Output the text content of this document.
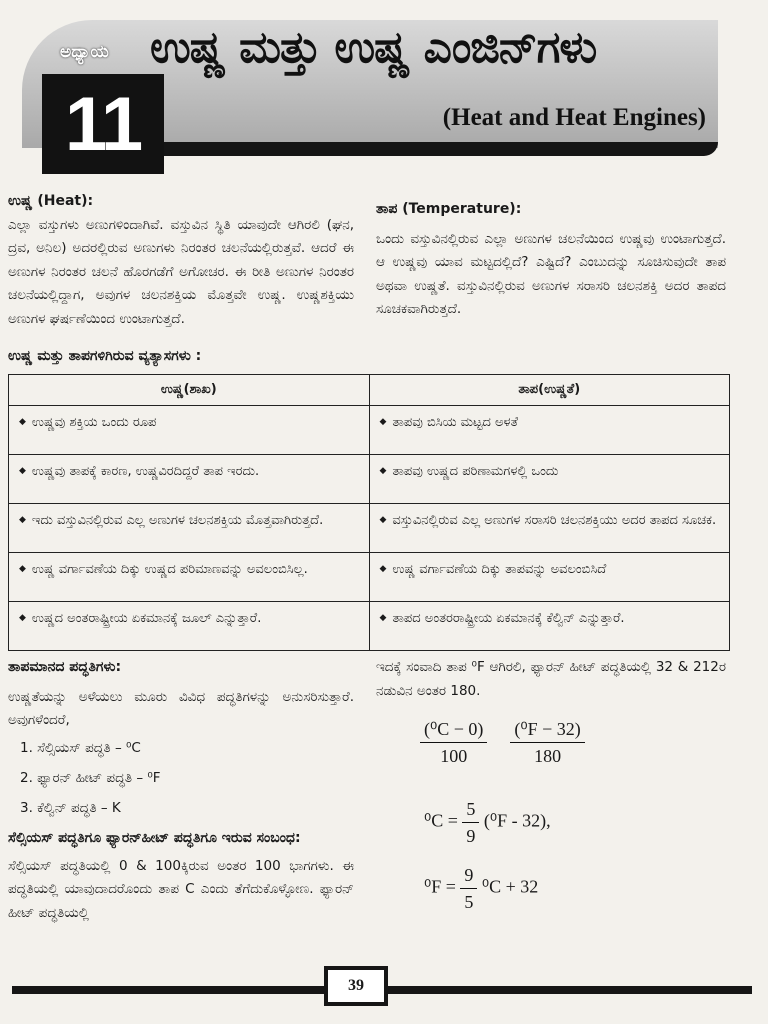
ಅಧ್ಯಾಯ
11
ಉಷ್ಣ ಮತ್ತು ಉಷ್ಣ ಎಂಜಿನ್‌ಗಳು
(Heat and Heat Engines)
ಉಷ್ಣ (Heat):
ಎಲ್ಲಾ ವಸ್ತುಗಳು ಅಣುಗಳಿಂದಾಗಿವೆ. ವಸ್ತುವಿನ ಸ್ಥಿತಿ ಯಾವುದೇ ಆಗಿರಲಿ (ಘನ, ದ್ರವ, ಅನಿಲ) ಅದರಲ್ಲಿರುವ ಅಣುಗಳು ನಿರಂತರ ಚಲನೆಯಲ್ಲಿರುತ್ತವೆ. ಆದರೆ ಈ ಅಣುಗಳ ನಿರಂತರ ಚಲನೆ ಹೊರಗಡೆಗೆ ಅಗೋಚರ. ಈ ರೀತಿ ಅಣುಗಳ ನಿರಂತರ ಚಲನೆಯಲ್ಲಿದ್ದಾಗ, ಅವುಗಳ ಚಲನಶಕ್ತಿಯ ಮೊತ್ತವೇ ಉಷ್ಣ. ಉಷ್ಣಶಕ್ತಿಯು ಅಣುಗಳ ಘರ್ಷಣೆಯಿಂದ ಉಂಟಾಗುತ್ತದೆ.
ತಾಪ (Temperature):
ಒಂದು ವಸ್ತುವಿನಲ್ಲಿರುವ ಎಲ್ಲಾ ಅಣುಗಳ ಚಲನೆಯಿಂದ ಉಷ್ಣವು ಉಂಟಾಗುತ್ತದೆ. ಆ ಉಷ್ಣವು ಯಾವ ಮಟ್ಟದಲ್ಲಿದೆ? ಎಷ್ಟಿದೆ? ಎಂಬುದನ್ನು ಸೂಚಿಸುವುದೇ ತಾಪ ಅಥವಾ ಉಷ್ಣತೆ. ವಸ್ತುವಿನಲ್ಲಿರುವ ಅಣುಗಳ ಸರಾಸರಿ ಚಲನಶಕ್ತಿ ಅದರ ತಾಪದ ಸೂಚಕವಾಗಿರುತ್ತದೆ.
ಉಷ್ಣ ಮತ್ತು ತಾಪಗಳಿಗಿರುವ ವ್ಯತ್ಯಾಸಗಳು :
ಉಷ್ಣ(ಶಾಖ)	ತಾಪ(ಉಷ್ಣತೆ)
◆ ಉಷ್ಣವು ಶಕ್ತಿಯ ಒಂದು ರೂಪ	◆ ತಾಪವು ಬಿಸಿಯ ಮಟ್ಟದ ಅಳತೆ
◆ ಉಷ್ಣವು ತಾಪಕ್ಕೆ ಕಾರಣ, ಉಷ್ಣವಿರದಿದ್ದರೆ ತಾಪ ಇರದು.	◆ ತಾಪವು ಉಷ್ಣದ ಪರಿಣಾಮಗಳಲ್ಲಿ ಒಂದು
◆ ಇದು ವಸ್ತುವಿನಲ್ಲಿರುವ ಎಲ್ಲ ಅಣುಗಳ ಚಲನಶಕ್ತಿಯ ಮೊತ್ತವಾಗಿರುತ್ತದೆ.	◆ ವಸ್ತುವಿನಲ್ಲಿರುವ ಎಲ್ಲ ಅಣುಗಳ ಸರಾಸರಿ ಚಲನಶಕ್ತಿಯು ಅದರ ತಾಪದ ಸೂಚಕ.
◆ ಉಷ್ಣ ವರ್ಗಾವಣೆಯ ದಿಕ್ಕು ಉಷ್ಣದ ಪರಿಮಾಣವನ್ನು ಅವಲಂಬಿಸಿಲ್ಲ.	◆ ಉಷ್ಣ ವರ್ಗಾವಣೆಯ ದಿಕ್ಕು ತಾಪವನ್ನು ಅವಲಂಬಿಸಿದೆ
◆ ಉಷ್ಣದ ಅಂತರಾಷ್ಟ್ರೀಯ ಏಕಮಾನಕ್ಕೆ ಜೂಲ್ ಎನ್ನುತ್ತಾರೆ.	◆ ತಾಪದ ಅಂತರರಾಷ್ಟ್ರೀಯ ಏಕಮಾನಕ್ಕೆ ಕೆಲ್ವಿನ್ ಎನ್ನುತ್ತಾರೆ.
ತಾಪಮಾನದ ಪದ್ಧತಿಗಳು:
ಉಷ್ಣತೆಯನ್ನು ಅಳೆಯಲು ಮೂರು ವಿವಿಧ ಪದ್ಧತಿಗಳನ್ನು ಅನುಸರಿಸುತ್ತಾರೆ. ಅವುಗಳೆಂದರೆ,
1. ಸೆಲ್ಸಿಯಸ್ ಪದ್ಧತಿ – ⁰C
2. ಫ್ಯಾರನ್ ಹೀಟ್ ಪದ್ಧತಿ – ⁰F
3. ಕೆಲ್ವಿನ್ ಪದ್ಧತಿ – K
ಸೆಲ್ಸಿಯಸ್ ಪದ್ಧತಿಗೂ ಫ್ಯಾರನ್‌ಹೀಟ್ ಪದ್ಧತಿಗೂ ಇರುವ ಸಂಬಂಧ:
ಸೆಲ್ಸಿಯಸ್ ಪದ್ಧತಿಯಲ್ಲಿ 0 & 100ಕ್ಕಿರುವ ಅಂತರ 100 ಭಾಗಗಳು. ಈ ಪದ್ಧತಿಯಲ್ಲಿ ಯಾವುದಾದರೊಂದು ತಾಪ C ಎಂದು ತೆಗೆದುಕೊಳ್ಳೋಣ. ಫ್ಯಾರನ್ ಹೀಟ್ ಪದ್ಧತಿಯಲ್ಲಿ
ಇದಕ್ಕೆ ಸಂವಾದಿ ತಾಪ ⁰F ಆಗಿರಲಿ, ಫ್ಯಾರನ್ ಹೀಟ್ ಪದ್ಧತಿಯಲ್ಲಿ 32 & 212ರ ನಡುವಿನ ಅಂತರ 180.
$\frac{\text{(⁰C − 0)}}{100}$
$\frac{\text{(⁰F − 32)}}{180}$
$^0C = \frac{5}{9} (^0F - 32)$,
$^0F = \frac{9}{5} ^0C + 32$
39
